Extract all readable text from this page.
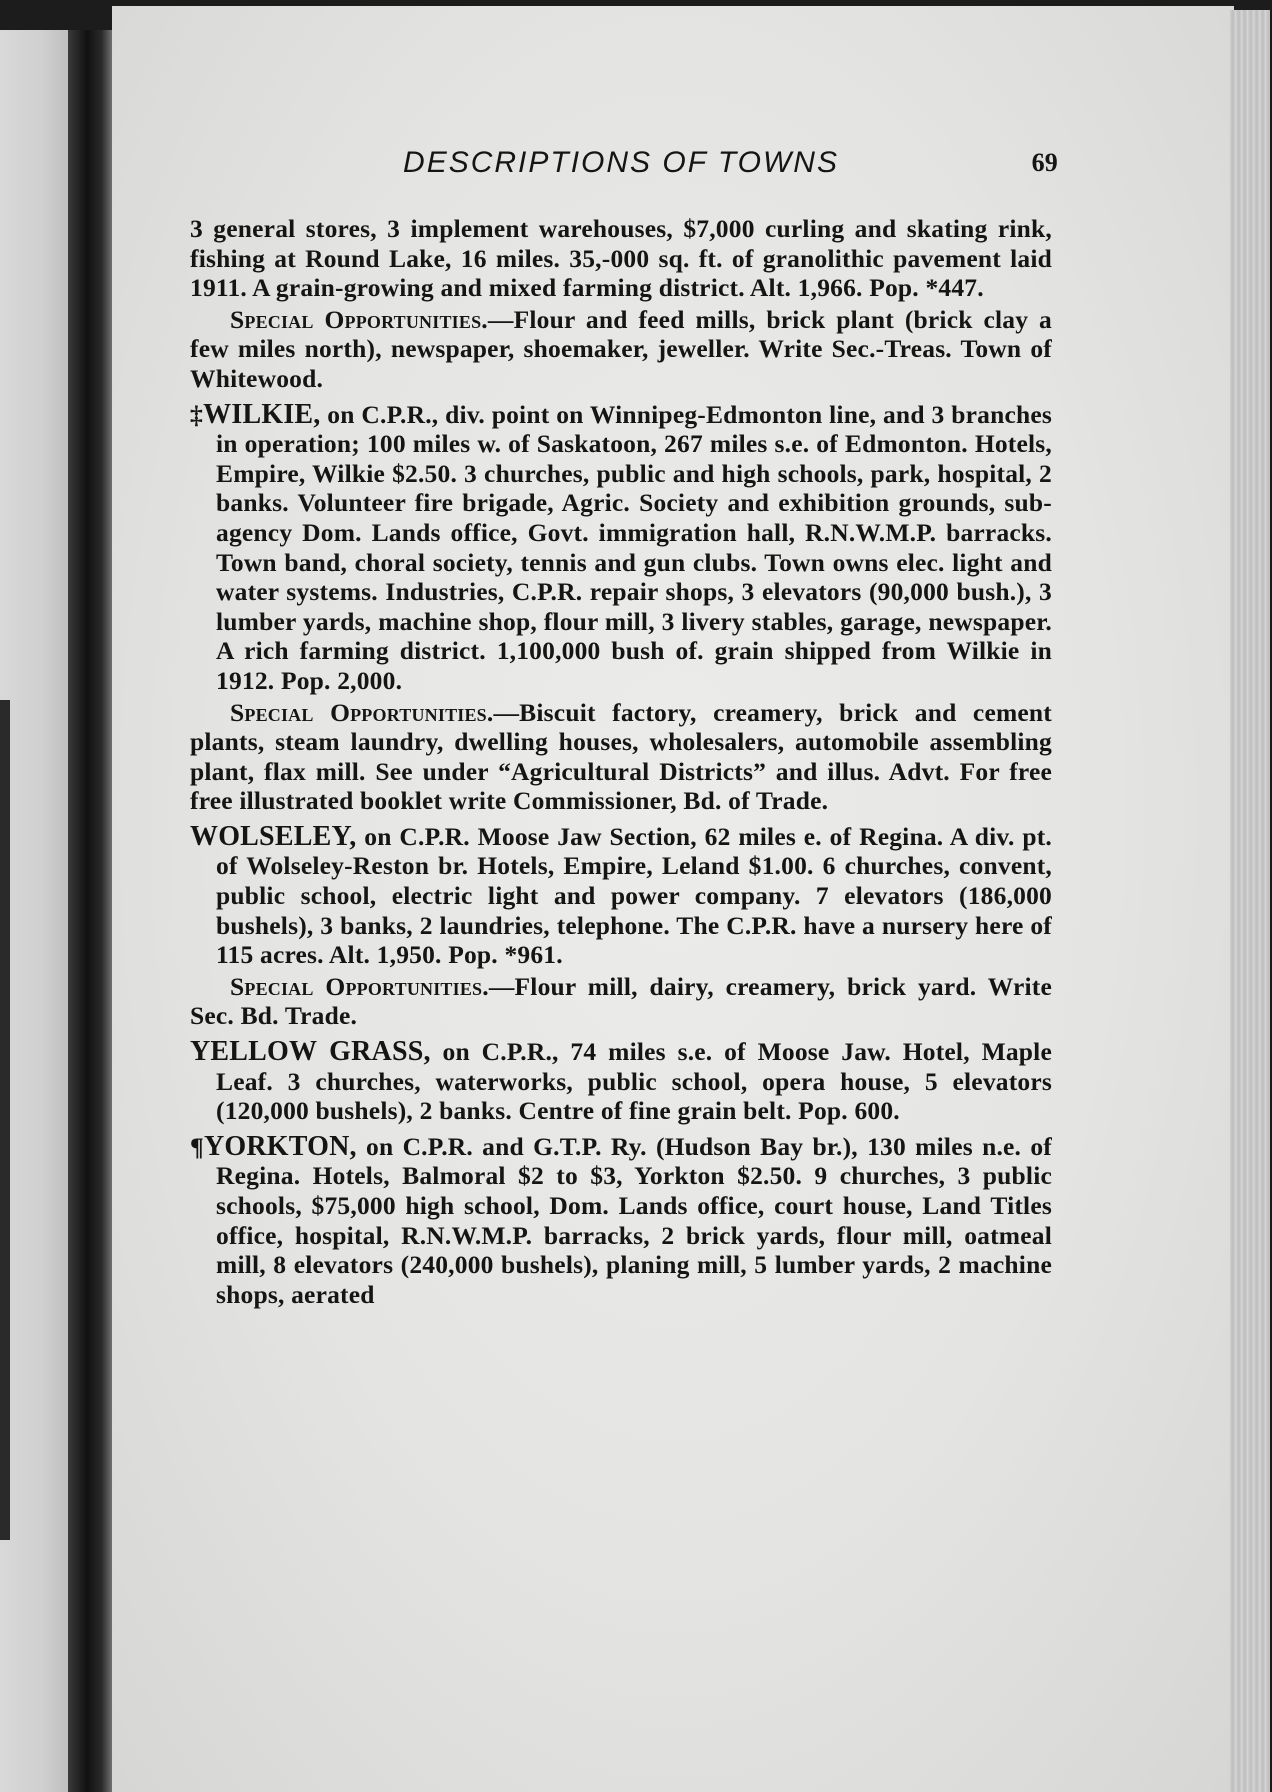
DESCRIPTIONS OF TOWNS	69

3 general stores, 3 implement warehouses, $7,000 curling and skating rink, fishing at Round Lake, 16 miles. 35,-000 sq. ft. of granolithic pavement laid 1911. A grain-growing and mixed farming district. Alt. 1,966. Pop. *447.

Special Opportunities.—Flour and feed mills, brick plant (brick clay a few miles north), newspaper, shoemaker, jeweller. Write Sec.-Treas. Town of Whitewood.

‡WILKIE, on C.P.R., div. point on Winnipeg-Edmonton line, and 3 branches in operation; 100 miles w. of Saskatoon, 267 miles s.e. of Edmonton. Hotels, Empire, Wilkie $2.50. 3 churches, public and high schools, park, hospital, 2 banks. Volunteer fire brigade, Agric. Society and exhibition grounds, sub-agency Dom. Lands office, Govt. immigration hall, R.N.W.M.P. barracks. Town band, choral society, tennis and gun clubs. Town owns elec. light and water systems. Industries, C.P.R. repair shops, 3 elevators (90,000 bush.), 3 lumber yards, machine shop, flour mill, 3 livery stables, garage, newspaper. A rich farming district. 1,100,000 bush of. grain shipped from Wilkie in 1912. Pop. 2,000.

Special Opportunities.—Biscuit factory, creamery, brick and cement plants, steam laundry, dwelling houses, wholesalers, automobile assembling plant, flax mill. See under “Agricultural Districts” and illus. Advt. For free free illustrated booklet write Commissioner, Bd. of Trade.

WOLSELEY, on C.P.R. Moose Jaw Section, 62 miles e. of Regina. A div. pt. of Wolseley-Reston br. Hotels, Empire, Leland $1.00. 6 churches, convent, public school, electric light and power company. 7 elevators (186,000 bushels), 3 banks, 2 laundries, telephone. The C.P.R. have a nursery here of 115 acres. Alt. 1,950. Pop. *961.

Special Opportunities.—Flour mill, dairy, creamery, brick yard. Write Sec. Bd. Trade.

YELLOW GRASS, on C.P.R., 74 miles s.e. of Moose Jaw. Hotel, Maple Leaf. 3 churches, waterworks, public school, opera house, 5 elevators (120,000 bushels), 2 banks. Centre of fine grain belt. Pop. 600.

¶YORKTON, on C.P.R. and G.T.P. Ry. (Hudson Bay br.), 130 miles n.e. of Regina. Hotels, Balmoral $2 to $3, Yorkton $2.50. 9 churches, 3 public schools, $75,000 high school, Dom. Lands office, court house, Land Titles office, hospital, R.N.W.M.P. barracks, 2 brick yards, flour mill, oatmeal mill, 8 elevators (240,000 bushels), planing mill, 5 lumber yards, 2 machine shops, aerated
